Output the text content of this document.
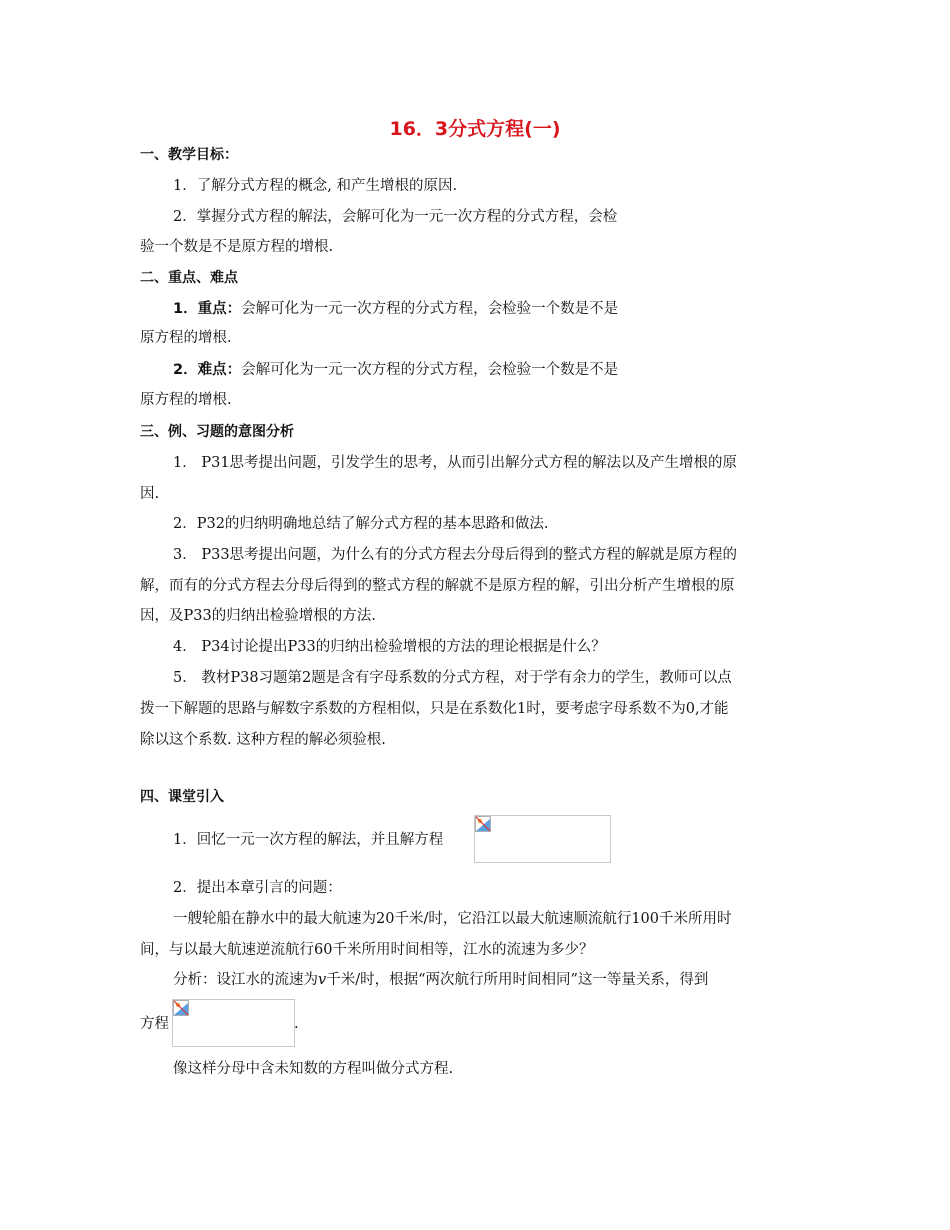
16．3分式方程(一)
一、教学目标：
1．了解分式方程的概念, 和产生增根的原因.
2．掌握分式方程的解法，会解可化为一元一次方程的分式方程，会检
验一个数是不是原方程的增根.
二、重点、难点
1．重点：会解可化为一元一次方程的分式方程，会检验一个数是不是
原方程的增根.
2．难点：会解可化为一元一次方程的分式方程，会检验一个数是不是
原方程的增根.
三、例、习题的意图分析
1． P31思考提出问题，引发学生的思考，从而引出解分式方程的解法以及产生增根的原
因.
2．P32的归纳明确地总结了解分式方程的基本思路和做法.
3． P33思考提出问题，为什么有的分式方程去分母后得到的整式方程的解就是原方程的
解，而有的分式方程去分母后得到的整式方程的解就不是原方程的解，引出分析产生增根的原
因，及P33的归纳出检验增根的方法.
4． P34讨论提出P33的归纳出检验增根的方法的理论根据是什么？
5． 教材P38习题第2题是含有字母系数的分式方程，对于学有余力的学生，教师可以点
拨一下解题的思路与解数字系数的方程相似，只是在系数化1时，要考虑字母系数不为0,才能
除以这个系数. 这种方程的解必须验根.
四、课堂引入
1．回忆一元一次方程的解法，并且解方程
2．提出本章引言的问题：
一艘轮船在静水中的最大航速为20千米/时，它沿江以最大航速顺流航行100千米所用时
间，与以最大航速逆流航行60千米所用时间相等，江水的流速为多少？
分析：设江水的流速为v千米/时，根据“两次航行所用时间相同”这一等量关系，得到
方程	.
像这样分母中含未知数的方程叫做分式方程.
